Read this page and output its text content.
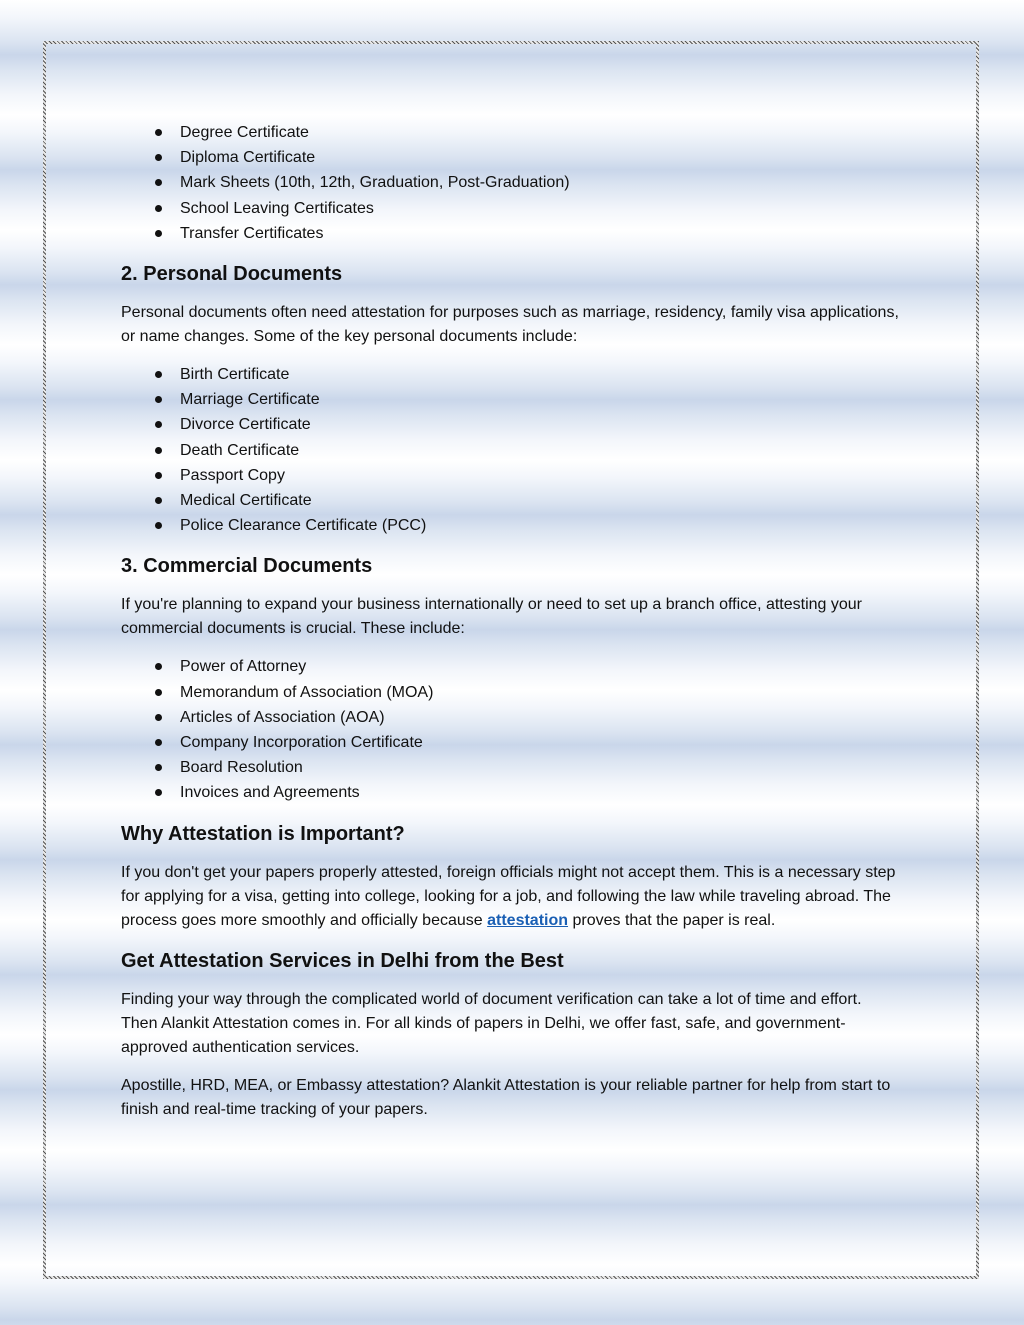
Degree Certificate
Diploma Certificate
Mark Sheets (10th, 12th, Graduation, Post-Graduation)
School Leaving Certificates
Transfer Certificates
2. Personal Documents

Personal documents often need attestation for purposes such as marriage, residency, family visa applications, or name changes. Some of the key personal documents include:

Birth Certificate
Marriage Certificate
Divorce Certificate
Death Certificate
Passport Copy
Medical Certificate
Police Clearance Certificate (PCC)
3. Commercial Documents

If you're planning to expand your business internationally or need to set up a branch office, attesting your commercial documents is crucial. These include:

Power of Attorney
Memorandum of Association (MOA)
Articles of Association (AOA)
Company Incorporation Certificate
Board Resolution
Invoices and Agreements
Why Attestation is Important?

If you don't get your papers properly attested, foreign officials might not accept them. This is a necessary step for applying for a visa, getting into college, looking for a job, and following the law while traveling abroad. The process goes more smoothly and officially because attestation proves that the paper is real.

Get Attestation Services in Delhi from the Best

Finding your way through the complicated world of document verification can take a lot of time and effort. Then Alankit Attestation comes in. For all kinds of papers in Delhi, we offer fast, safe, and government-approved authentication services.

Apostille, HRD, MEA, or Embassy attestation? Alankit Attestation is your reliable partner for help from start to finish and real-time tracking of your papers.
